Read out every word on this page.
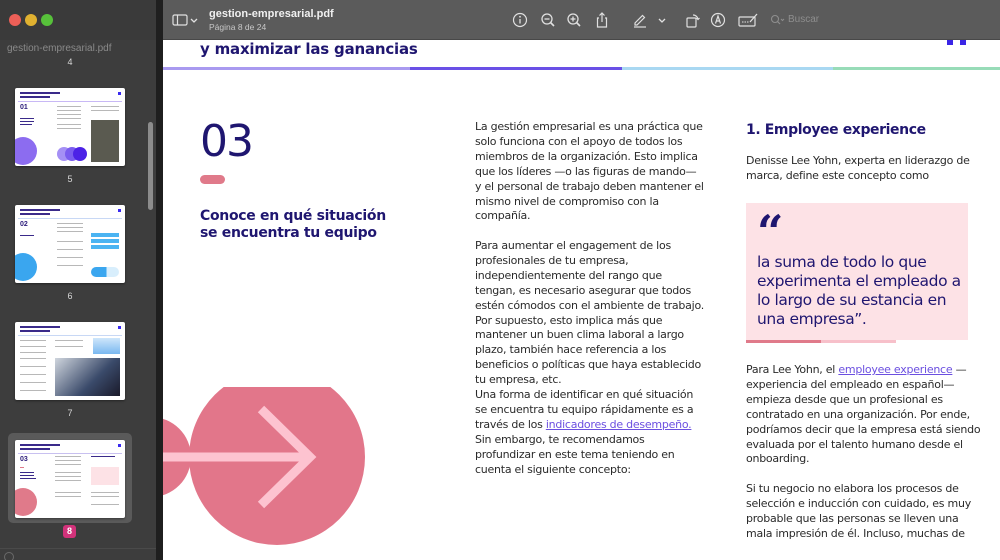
gestion-empresarial.pdf
4
01
5
02
6
7
03
8
gestion-empresarial.pdf
Página 8 de 24
Buscar
y maximizar las ganancias
03
Conoce en qué situación se encuentra tu equipo
La gestión empresarial es una práctica que solo funciona con el apoyo de todos los miembros de la organización. Esto implica que los líderes —o las figuras de mando— y el personal de trabajo deben mantener el mismo nivel de compromiso con la compañía.
Para aumentar el engagement de los profesionales de tu empresa, independientemente del rango que tengan, es necesario asegurar que todos estén cómodos con el ambiente de trabajo. Por supuesto, esto implica más que mantener un buen clima laboral a largo plazo, también hace referencia a los beneficios o políticas que haya establecido tu empresa, etc.
Una forma de identificar en qué situación se encuentra tu equipo rápidamente es a través de los indicadores de desempeño. Sin embargo, te recomendamos profundizar en este tema teniendo en cuenta el siguiente concepto:
1. Employee experience
Denisse Lee Yohn, experta en liderazgo de marca, define este concepto como
“
la suma de todo lo que experimenta el empleado a lo largo de su estancia en una empresa”.
Para Lee Yohn, el employee experience —experiencia del empleado en español— empieza desde que un profesional es contratado en una organización. Por ende, podríamos decir que la empresa está siendo evaluada por el talento humano desde el onboarding.
Si tu negocio no elabora los procesos de selección e inducción con cuidado, es muy probable que las personas se lleven una mala impresión de él. Incluso, muchas de
